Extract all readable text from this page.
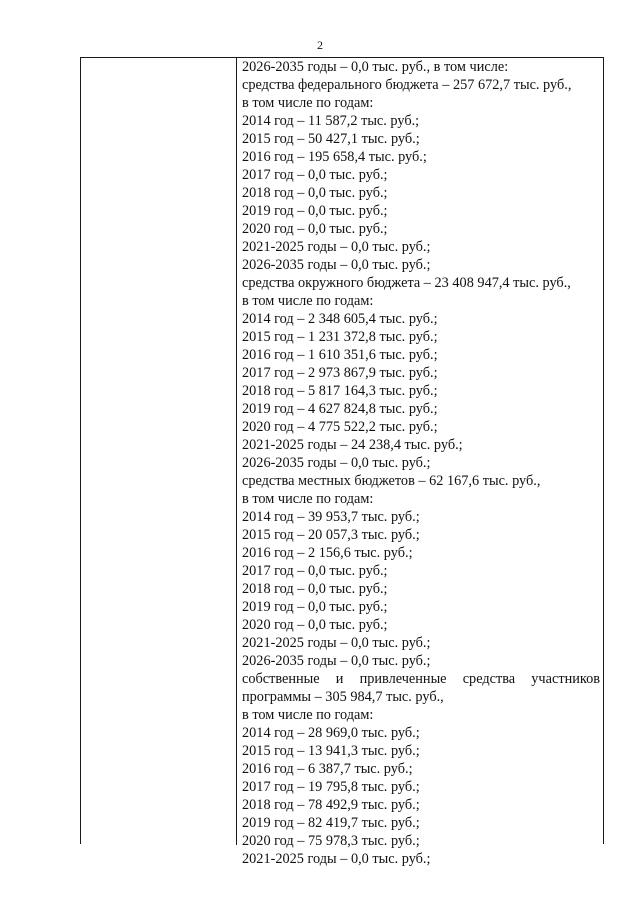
2
2026-2035 годы – 0,0 тыс. руб., в том числе:
средства федерального бюджета – 257 672,7 тыс. руб.,
в том числе по годам:
2014 год – 11 587,2 тыс. руб.;
2015 год – 50 427,1 тыс. руб.;
2016 год – 195 658,4 тыс. руб.;
2017 год – 0,0 тыс. руб.;
2018 год – 0,0 тыс. руб.;
2019 год – 0,0 тыс. руб.;
2020 год – 0,0 тыс. руб.;
2021-2025 годы – 0,0 тыс. руб.;
2026-2035 годы – 0,0 тыс. руб.;
средства окружного бюджета – 23 408 947,4 тыс. руб.,
в том числе по годам:
2014 год – 2 348 605,4 тыс. руб.;
2015 год – 1 231 372,8 тыс. руб.;
2016 год – 1 610 351,6 тыс. руб.;
2017 год – 2 973 867,9 тыс. руб.;
2018 год – 5 817 164,3 тыс. руб.;
2019 год – 4 627 824,8 тыс. руб.;
2020 год – 4 775 522,2 тыс. руб.;
2021-2025 годы – 24 238,4 тыс. руб.;
2026-2035 годы – 0,0 тыс. руб.;
средства местных бюджетов – 62 167,6 тыс. руб.,
в том числе по годам:
2014 год – 39 953,7 тыс. руб.;
2015 год – 20 057,3 тыс. руб.;
2016 год – 2 156,6 тыс. руб.;
2017 год – 0,0 тыс. руб.;
2018 год – 0,0 тыс. руб.;
2019 год – 0,0 тыс. руб.;
2020 год – 0,0 тыс. руб.;
2021-2025 годы – 0,0 тыс. руб.;
2026-2035 годы – 0,0 тыс. руб.;
собственные и привлеченные средства участников
программы – 305 984,7 тыс. руб.,
в том числе по годам:
2014 год – 28 969,0 тыс. руб.;
2015 год – 13 941,3 тыс. руб.;
2016 год – 6 387,7 тыс. руб.;
2017 год – 19 795,8 тыс. руб.;
2018 год – 78 492,9 тыс. руб.;
2019 год – 82 419,7 тыс. руб.;
2020 год – 75 978,3 тыс. руб.;
2021-2025 годы – 0,0 тыс. руб.;
